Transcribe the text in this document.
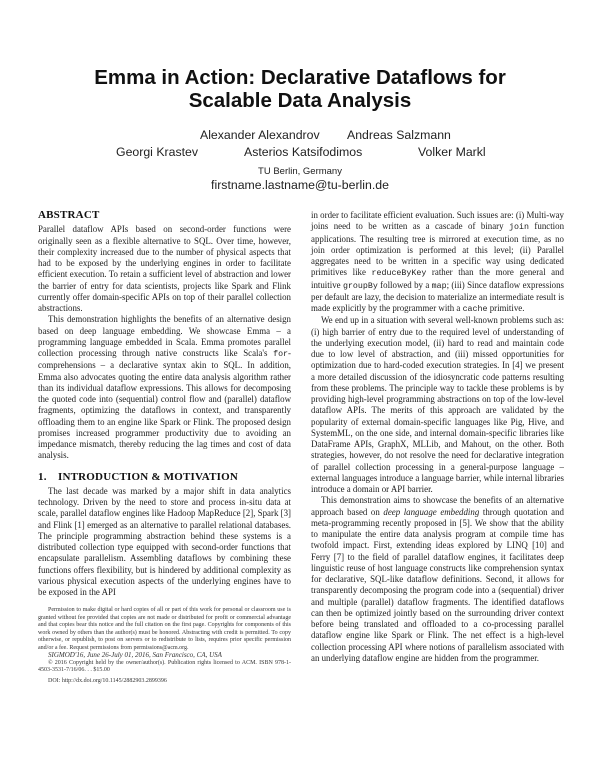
Emma in Action: Declarative Dataflows for
Scalable Data Analysis
Alexander Alexandrov Andreas Salzmann
Georgi Krastev	Asterios Katsifodimos	Volker Markl
TU Berlin, Germany
firstname.lastname@tu-berlin.de
ABSTRACT

Parallel dataflow APIs based on second-order functions were originally seen as a flexible alternative to SQL. Over time, however, their complexity increased due to the number of physical aspects that had to be exposed by the underlying engines in order to facilitate efficient execution. To retain a sufficient level of abstraction and lower the barrier of entry for data scientists, projects like Spark and Flink currently offer domain-specific APIs on top of their parallel collection abstractions.

This demonstration highlights the benefits of an alternative design based on deep language embedding. We showcase Emma – a programming language embedded in Scala. Emma promotes parallel collection processing through native constructs like Scala's for-comprehensions – a declarative syntax akin to SQL. In addition, Emma also advocates quoting the entire data analysis algorithm rather than its individual dataflow expressions. This allows for decomposing the quoted code into (sequential) control flow and (parallel) dataflow fragments, optimizing the dataflows in context, and transparently offloading them to an engine like Spark or Flink. The proposed design promises increased programmer productivity due to avoiding an impedance mismatch, thereby reducing the lag times and cost of data analysis.

1. INTRODUCTION & MOTIVATION

The last decade was marked by a major shift in data analytics technology. Driven by the need to store and process in-situ data at scale, parallel dataflow engines like Hadoop MapReduce [2], Spark [3] and Flink [1] emerged as an alternative to parallel relational databases. The principle programming abstraction behind these systems is a distributed collection type equipped with second-order functions that encapsulate parallelism. Assembling dataflows by combining these functions offers flexibility, but is hindered by additional complexity as various physical execution aspects of the underlying engines have to be exposed in the API

Permission to make digital or hard copies of all or part of this work for personal or classroom use is granted without fee provided that copies are not made or distributed for profit or commercial advantage and that copies bear this notice and the full citation on the first page. Copyrights for components of this work owned by others than the author(s) must be honored. Abstracting with credit is permitted. To copy otherwise, or republish, to post on servers or to redistribute to lists, requires prior specific permission and/or a fee. Request permissions from permissions@acm.org.

SIGMOD'16, June 26-July 01, 2016, San Francisco, CA, USA

© 2016 Copyright held by the owner/author(s). Publication rights licensed to ACM. ISBN 978-1-4503-3531-7/16/06. . . $15.00

DOI: http://dx.doi.org/10.1145/2882903.2899396

in order to facilitate efficient evaluation. Such issues are: (i) Multi-way joins need to be written as a cascade of binary join function applications. The resulting tree is mirrored at execution time, as no join order optimization is performed at this level; (ii) Parallel aggregates need to be written in a specific way using dedicated primitives like reduceByKey rather than the more general and intuitive groupBy followed by a map; (iii) Since dataflow expressions per default are lazy, the decision to materialize an intermediate result is made explicitly by the programmer with a cache primitive.

We end up in a situation with several well-known problems such as: (i) high barrier of entry due to the required level of understanding of the underlying execution model, (ii) hard to read and maintain code due to low level of abstraction, and (iii) missed opportunities for optimization due to hard-coded execution strategies. In [4] we present a more detailed discussion of the idiosyncratic code patterns resulting from these problems. The principle way to tackle these problems is by providing high-level programming abstractions on top of the low-level dataflow APIs. The merits of this approach are validated by the popularity of external domain-specific languages like Pig, Hive, and SystemML, on the one side, and internal domain-specific libraries like DataFrame APIs, GraphX, MLLib, and Mahout, on the other. Both strategies, however, do not resolve the need for declarative integration of parallel collection processing in a general-purpose language – external languages introduce a language barrier, while internal libraries introduce a domain or API barrier.

This demonstration aims to showcase the benefits of an alternative approach based on deep language embedding through quotation and meta-programming recently proposed in [5]. We show that the ability to manipulate the entire data analysis program at compile time has twofold impact. First, extending ideas explored by LINQ [10] and Ferry [7] to the field of parallel dataflow engines, it facilitates deep linguistic reuse of host language constructs like comprehension syntax for declarative, SQL-like dataflow definitions. Second, it allows for transparently decomposing the program code into a (sequential) driver and multiple (parallel) dataflow fragments. The identified dataflows can then be optimized jointly based on the surrounding driver context before being translated and offloaded to a co-processing parallel dataflow engine like Spark or Flink. The net effect is a high-level collection processing API where notions of parallelism associated with an underlying dataflow engine are hidden from the programmer.
